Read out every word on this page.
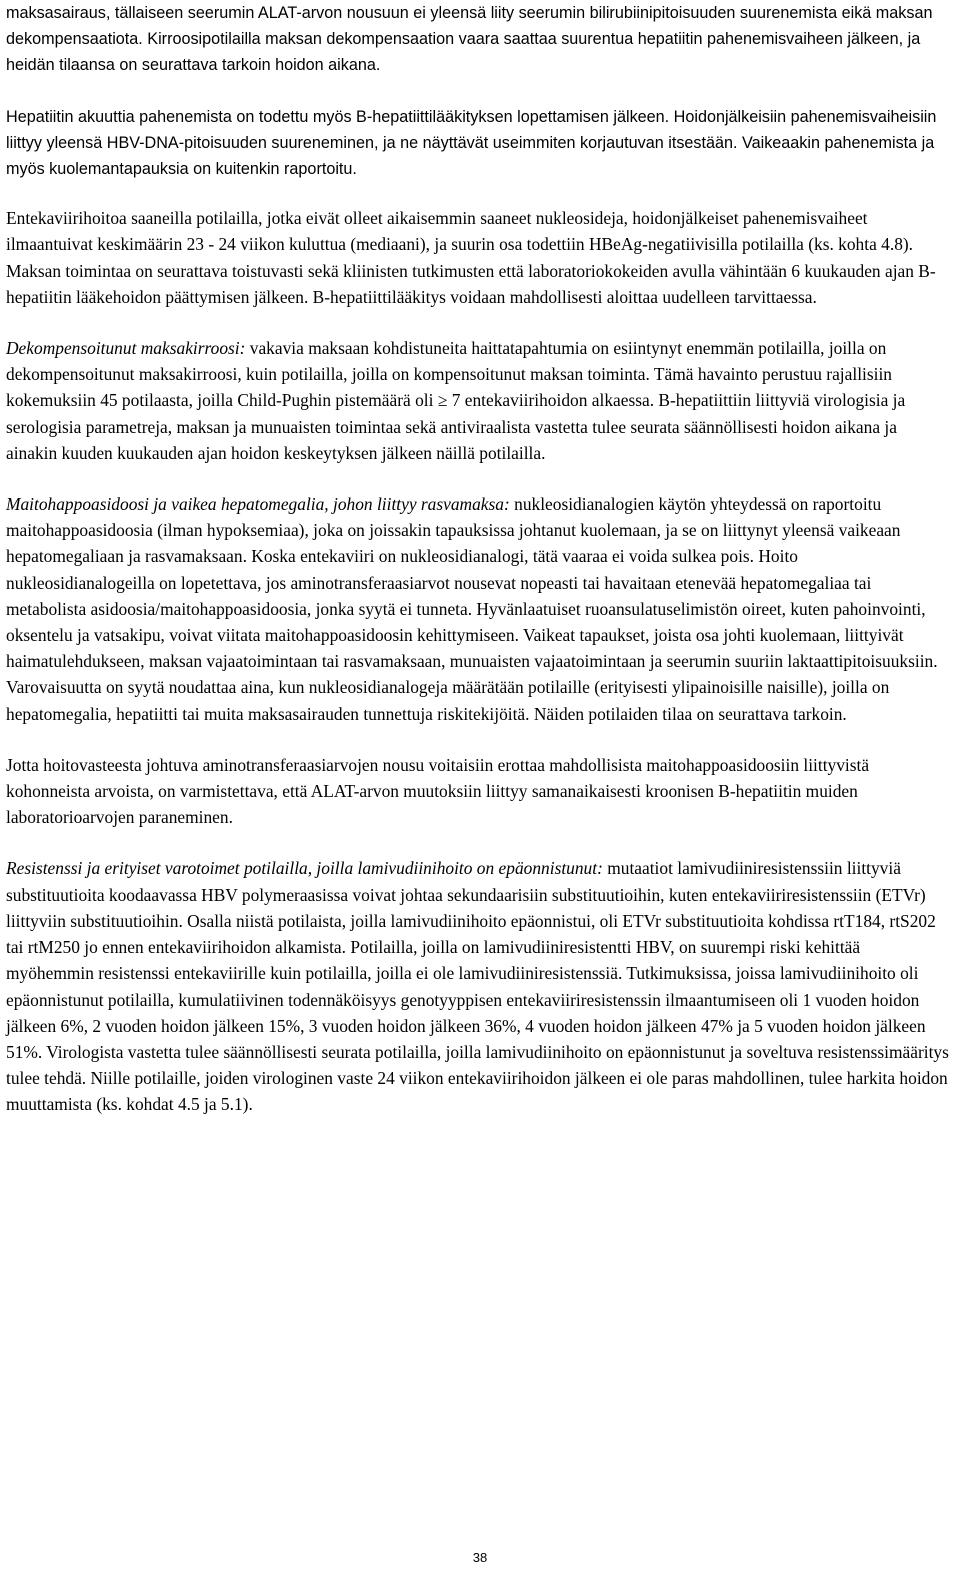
maksasairaus, tällaiseen seerumin ALAT-arvon nousuun ei yleensä liity seerumin bilirubiinipitoisuuden suurenemista eikä maksan dekompensaatiota. Kirroosipotilailla maksan dekompensaation vaara saattaa suurentua hepatiitin pahenemisvaiheen jälkeen, ja heidän tilaansa on seurattava tarkoin hoidon aikana.

Hepatiitin akuuttia pahenemista on todettu myös B-hepatiittilääkityksen lopettamisen jälkeen. Hoidonjälkeisiin pahenemisvaiheisiin liittyy yleensä HBV-DNA-pitoisuuden suureneminen, ja ne näyttävät useimmiten korjautuvan itsestään. Vaikeaakin pahenemista ja myös kuolemantapauksia on kuitenkin raportoitu.

Entekaviirihoitoa saaneilla potilailla, jotka eivät olleet aikaisemmin saaneet nukleosideja, hoidonjälkeiset pahenemisvaiheet ilmaantuivat keskimäärin 23 - 24 viikon kuluttua (mediaani), ja suurin osa todettiin HBeAg-negatiivisilla potilailla (ks. kohta 4.8). Maksan toimintaa on seurattava toistuvasti sekä kliinisten tutkimusten että laboratoriokokeiden avulla vähintään 6 kuukauden ajan B-hepatiitin lääkehoidon päättymisen jälkeen. B-hepatiittilääkitys voidaan mahdollisesti aloittaa uudelleen tarvittaessa.

Dekompensoitunut maksakirroosi: vakavia maksaan kohdistuneita haittatapahtumia on esiintynyt enemmän potilailla, joilla on dekompensoitunut maksakirroosi, kuin potilailla, joilla on kompensoitunut maksan toiminta. Tämä havainto perustuu rajallisiin kokemuksiin 45 potilaasta, joilla Child-Pughin pistemäärä oli ≥ 7 entekaviirihoidon alkaessa. B-hepatiittiin liittyviä virologisia ja serologisia parametreja, maksan ja munuaisten toimintaa sekä antiviraalista vastetta tulee seurata säännöllisesti hoidon aikana ja ainakin kuuden kuukauden ajan hoidon keskeytyksen jälkeen näillä potilailla.

Maitohappoasidoosi ja vaikea hepatomegalia, johon liittyy rasvamaksa: nukleosidianalogien käytön yhteydessä on raportoitu maitohappoasidoosia (ilman hypoksemiaa), joka on joissakin tapauksissa johtanut kuolemaan, ja se on liittynyt yleensä vaikeaan hepatomegaliaan ja rasvamaksaan. Koska entekaviiri on nukleosidianalogi, tätä vaaraa ei voida sulkea pois. Hoito nukleosidianalogeilla on lopetettava, jos aminotransferaasiarvot nousevat nopeasti tai havaitaan etenevää hepatomegaliaa tai metabolista asidoosia/maitohappoasidoosia, jonka syytä ei tunneta. Hyvänlaatuiset ruoansulatuselimistön oireet, kuten pahoinvointi, oksentelu ja vatsakipu, voivat viitata maitohappoasidoosin kehittymiseen. Vaikeat tapaukset, joista osa johti kuolemaan, liittyivät haimatulehdukseen, maksan vajaatoimintaan tai rasvamaksaan, munuaisten vajaatoimintaan ja seerumin suuriin laktaattipitoisuuksiin. Varovaisuutta on syytä noudattaa aina, kun nukleosidianalogeja määrätään potilaille (erityisesti ylipainoisille naisille), joilla on hepatomegalia, hepatiitti tai muita maksasairauden tunnettuja riskitekijöitä. Näiden potilaiden tilaa on seurattava tarkoin.

Jotta hoitovasteesta johtuva aminotransferaasiarvojen nousu voitaisiin erottaa mahdollisista maitohappoasidoosiin liittyvistä kohonneista arvoista, on varmistettava, että ALAT-arvon muutoksiin liittyy samanaikaisesti kroonisen B-hepatiitin muiden laboratorioarvojen paraneminen.

Resistenssi ja erityiset varotoimet potilailla, joilla lamivudiinihoito on epäonnistunut: mutaatiot lamivudiiniresistenssiin liittyviä substituutioita koodaavassa HBV polymeraasissa voivat johtaa sekundaarisiin substituutioihin, kuten entekaviiriresistenssiin (ETVr) liittyviin substituutioihin. Osalla niistä potilaista, joilla lamivudiinihoito epäonnistui, oli ETVr substituutioita kohdissa rtT184, rtS202 tai rtM250 jo ennen entekaviirihoidon alkamista. Potilailla, joilla on lamivudiiniresistentti HBV, on suurempi riski kehittää myöhemmin resistenssi entekaviirille kuin potilailla, joilla ei ole lamivudiiniresistenssiä. Tutkimuksissa, joissa lamivudiinihoito oli epäonnistunut potilailla, kumulatiivinen todennäköisyys genotyyppisen entekaviiriresistenssin ilmaantumiseen oli 1 vuoden hoidon jälkeen 6%, 2 vuoden hoidon jälkeen 15%, 3 vuoden hoidon jälkeen 36%, 4 vuoden hoidon jälkeen 47% ja 5 vuoden hoidon jälkeen 51%. Virologista vastetta tulee säännöllisesti seurata potilailla, joilla lamivudiinihoito on epäonnistunut ja soveltuva resistenssimääritys tulee tehdä. Niille potilaille, joiden virologinen vaste 24 viikon entekaviirihoidon jälkeen ei ole paras mahdollinen, tulee harkita hoidon muuttamista (ks. kohdat 4.5 ja 5.1).

38
